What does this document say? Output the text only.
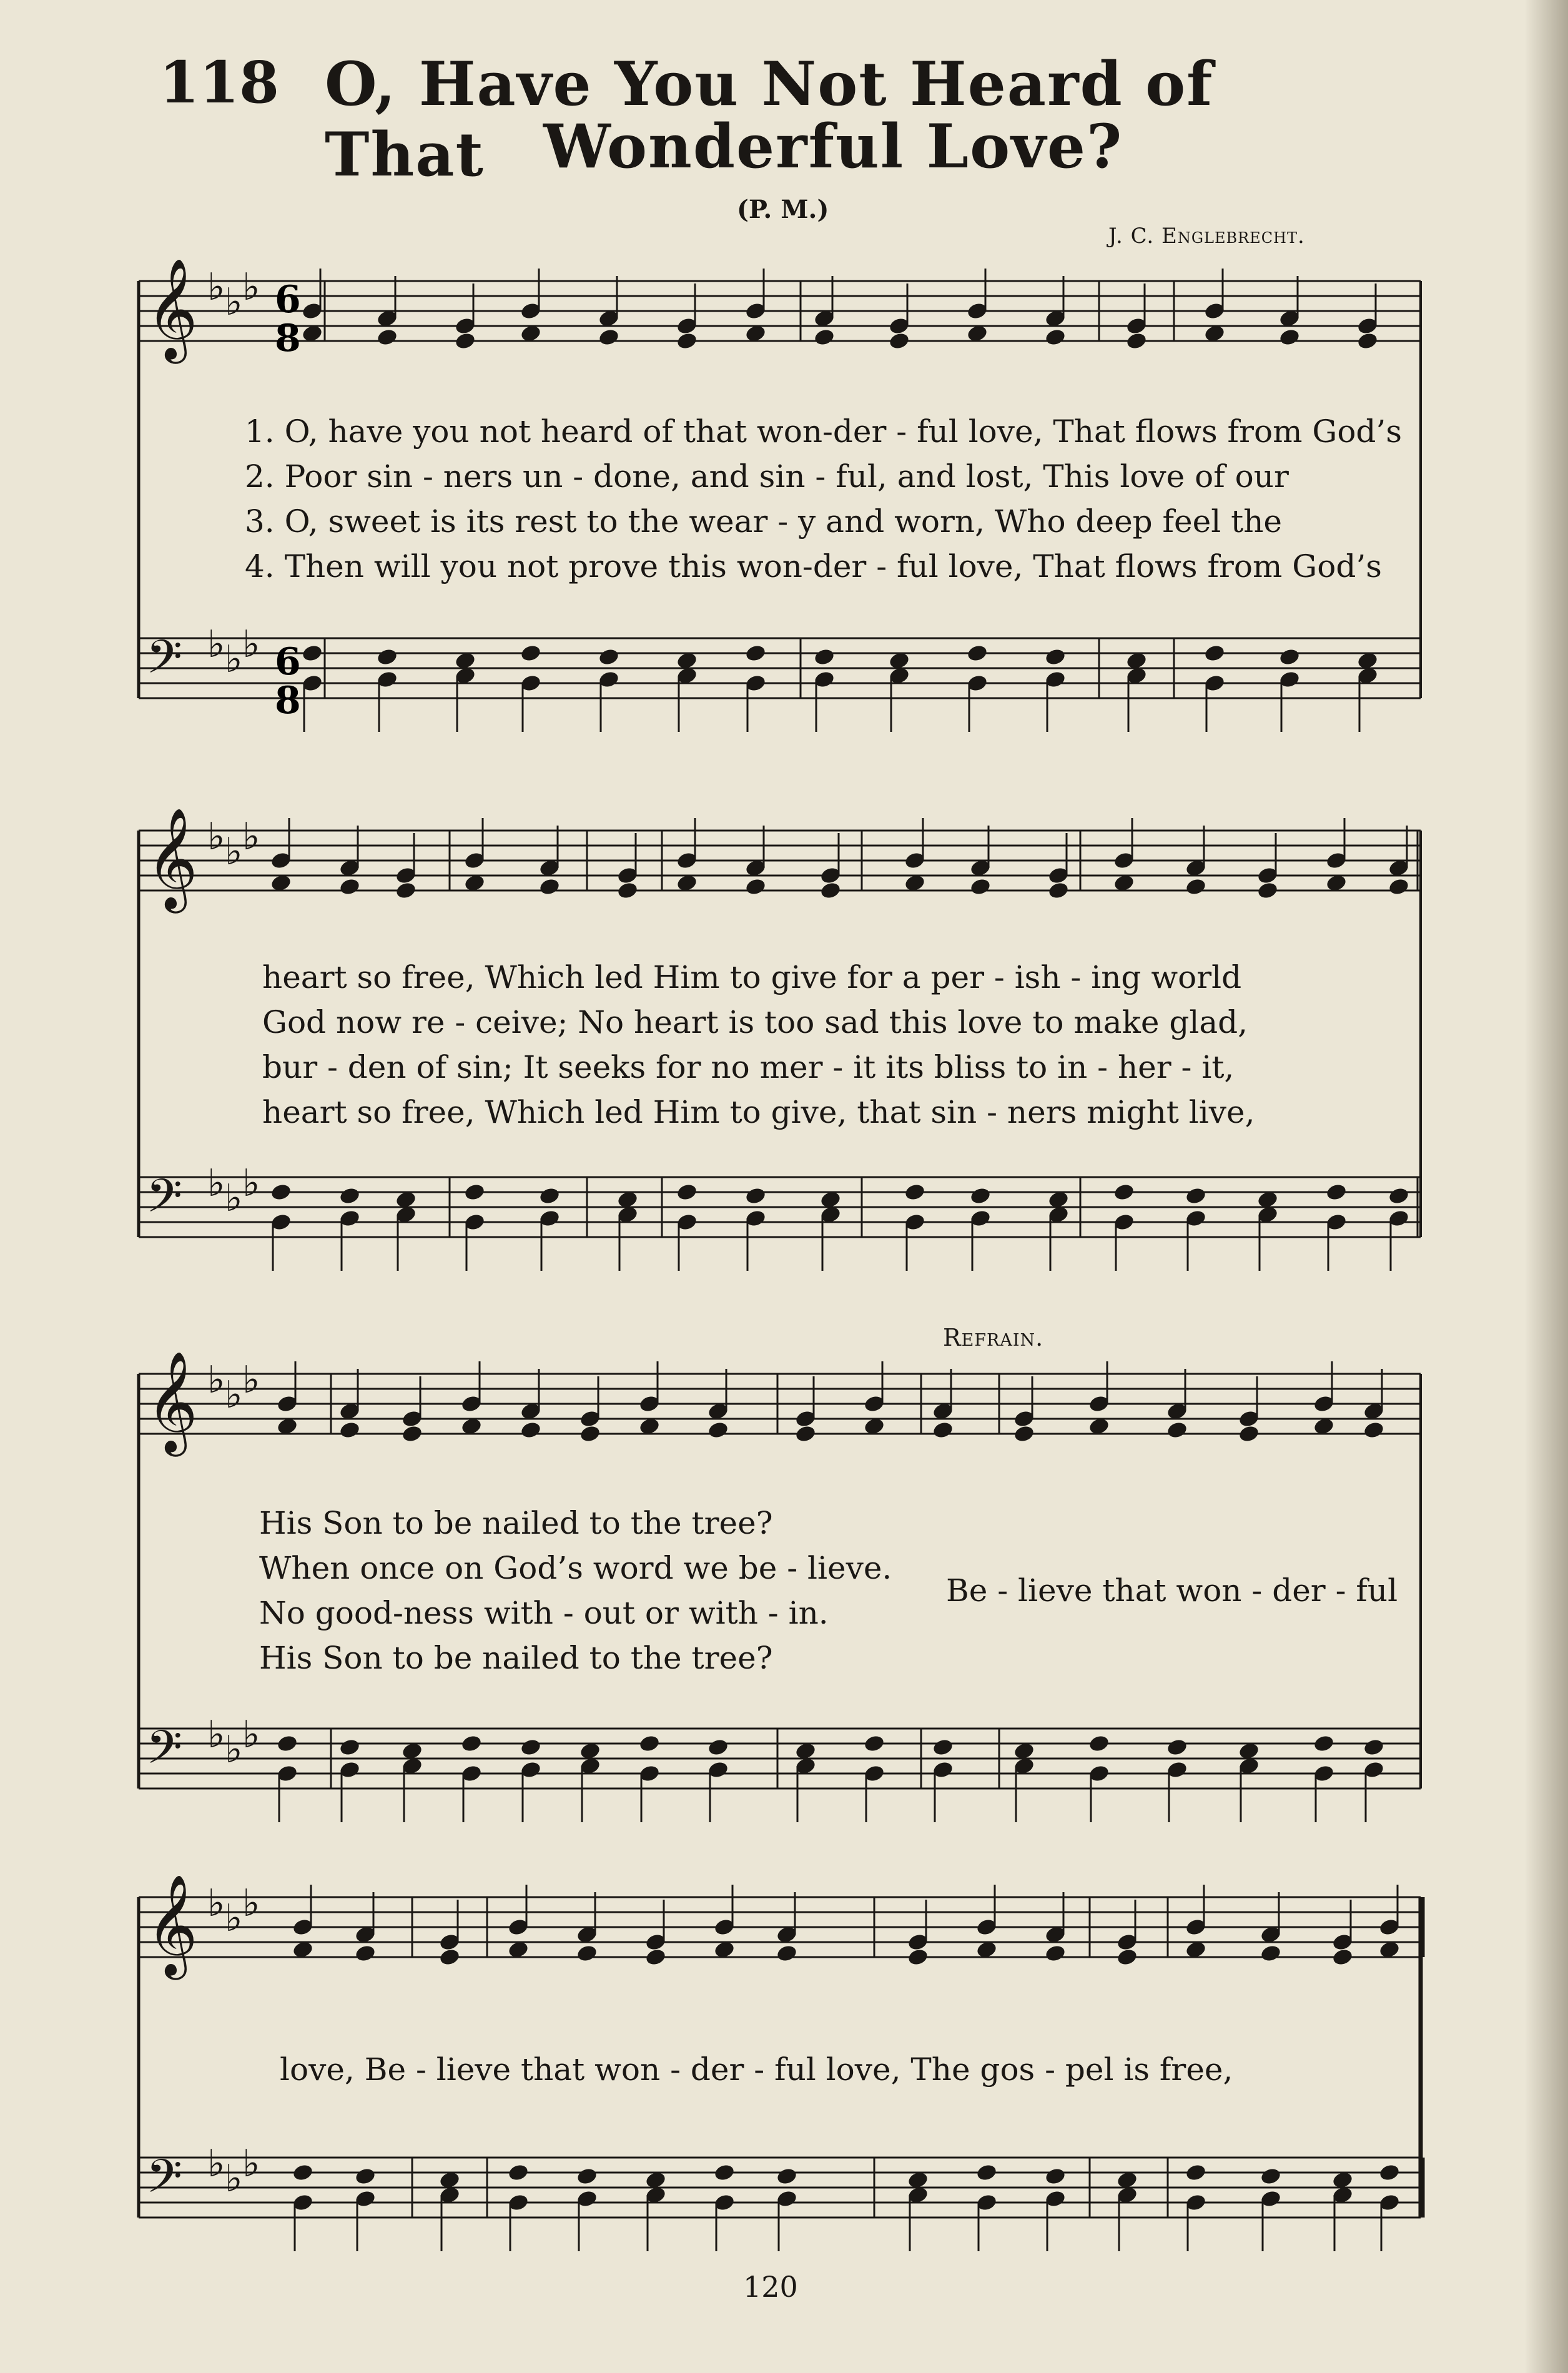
118 O, Have You Not Heard of That Wonderful Love?
(P. M.)
J. C. Englebrecht.
𝄞 ♭ ♭ ♭
𝄢 ♭ ♭ ♭
𝄞 ♭ ♭ ♭
𝄢 ♭ ♭ ♭
𝄞 ♭ ♭ ♭
𝄢 ♭ ♭ ♭
𝄞 ♭ ♭ ♭
𝄢 ♭ ♭ ♭
6
8
6
8
1. O, have you not heard of that won-der - ful love, That flows from God’s
2. Poor sin - ners un - done, and sin - ful, and lost, This love of our
3. O, sweet is its rest to the wear - y and worn, Who deep feel the
4. Then will you not prove this won-der - ful love, That flows from God’s
heart so free, Which led Him to give for a per - ish - ing world
God now re - ceive; No heart is too sad this love to make glad,
bur - den of sin; It seeks for no mer - it its bliss to in - her - it,
heart so free, Which led Him to give, that sin - ners might live,
Refrain.
His Son to be nailed to the tree?
When once on God’s word we be - lieve.
No good-ness with - out or with - in.
His Son to be nailed to the tree?
Be - lieve that won - der - ful
love, Be - lieve that won - der - ful love, The gos - pel is free,
120
